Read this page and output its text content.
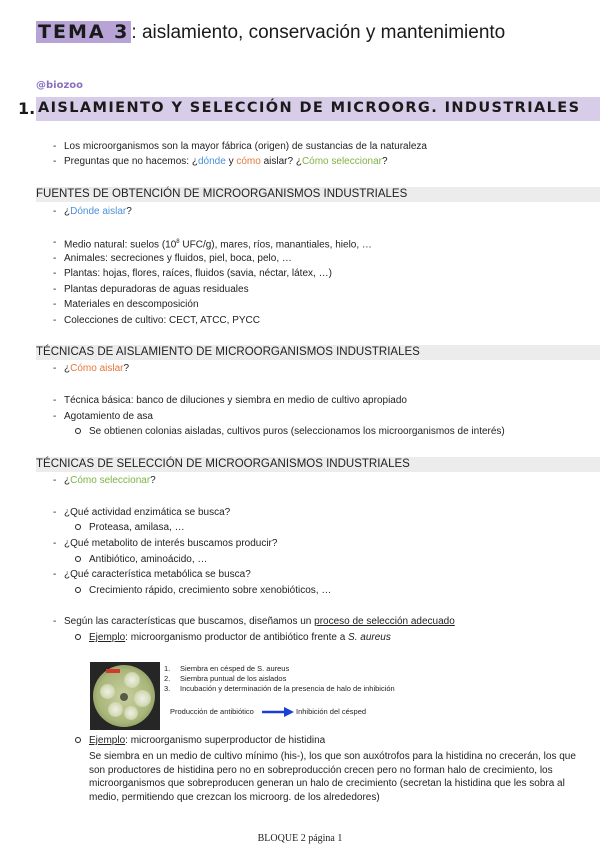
TEMA 3 : aislamiento, conservación y mantenimiento
@biozoo
1. AISLAMIENTO Y SELECCIÓN DE MICROORG. INDUSTRIALES
Los microorganismos son la mayor fábrica (origen) de sustancias de la naturaleza
Preguntas que no hacemos: ¿dónde y cómo aislar? ¿Cómo seleccionar?
FUENTES DE OBTENCIÓN DE MICROORGANISMOS INDUSTRIALES
¿Dónde aislar?
Medio natural: suelos ($10^8$ UFC/g), mares, ríos, manantiales, hielo, …
Animales: secreciones y fluidos, piel, boca, pelo, …
Plantas: hojas, flores, raíces, fluidos (savia, néctar, látex, …)
Plantas depuradoras de aguas residuales
Materiales en descomposición
Colecciones de cultivo: CECT, ATCC, PYCC
TÉCNICAS DE AISLAMIENTO DE MICROORGANISMOS INDUSTRIALES
¿Cómo aislar?
Técnica básica: banco de diluciones y siembra en medio de cultivo apropiado
Agotamiento de asa
Se obtienen colonias aisladas, cultivos puros (seleccionamos los microorganismos de interés)
TÉCNICAS DE SELECCIÓN DE MICROORGANISMOS INDUSTRIALES
¿Cómo seleccionar?
¿Qué actividad enzimática se busca?
Proteasa, amilasa, …
¿Qué metabolito de interés buscamos producir?
Antibiótico, aminoácido, …
¿Qué característica metabólica se busca?
Crecimiento rápido, crecimiento sobre xenobióticos, …
Según las características que buscamos, diseñamos un proceso de selección adecuado
Ejemplo: microorganismo productor de antibiótico frente a S. aureus
1. Siembra en césped de S. aureus
2. Siembra puntual de los aislados
3. Incubación y determinación de la presencia de halo de inhibición
Producción de antibiótico	Inhibición del césped
Ejemplo: microorganismo superproductor de histidina
Se siembra en un medio de cultivo mínimo (his-), los que son auxótrofos para la histidina no crecerán, los que son productores de histidina pero no en sobreproducción crecen pero no forman halo de crecimiento, los microorganismos que sobreproducen generan un halo de crecimiento (secretan la histidina que les sobra al medio, permitiendo que crezcan los microorg. de los alrededores)
BLOQUE 2 página 1
